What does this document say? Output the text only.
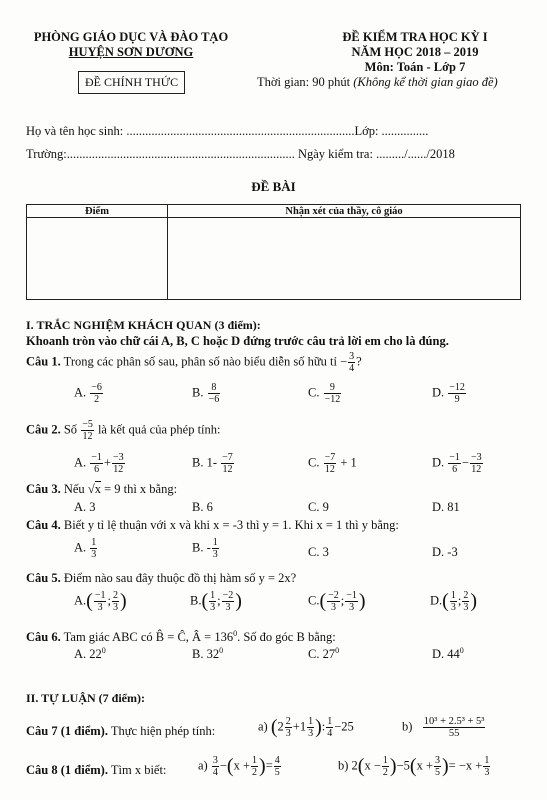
PHÒNG GIÁO DỤC VÀ ĐÀO TẠO
HUYỆN SƠN DƯƠNG
ĐỀ CHÍNH THỨC
ĐỀ KIỂM TRA HỌC KỲ I
NĂM HỌC 2018 – 2019
Môn: Toán - Lớp 7
Thời gian: 90 phút (Không kể thời gian giao đề)
Họ và tên học sinh: .........................................................................Lớp: ...............
Trường:......................................................................... Ngày kiểm tra: ........./....../2018
ĐỀ BÀI
Điểm	Nhận xét của thầy, cô giáo

I. TRẮC NGHIỆM KHÁCH QUAN (3 điểm):
Khoanh tròn vào chữ cái A, B, C hoặc D đứng trước câu trả lời em cho là đúng.
Câu 1. Trong các phân số sau, phân số nào biểu diễn số hữu tỉ − $\frac{3}{4}$ ?
A. $\frac{-6}{2}$	B. $\frac{8}{-6}$	C. $\frac{9}{-12}$	D. $\frac{-12}{9}$
Câu 2. Số $\frac{-5}{12}$ là kết quả của phép tính:
A. $\frac{-1}{6} + \frac{-3}{12}$	B. $1- \frac{-7}{12}$	C. $\frac{-7}{12} + 1$	D. $\frac{-1}{6} - \frac{-3}{12}$
Câu 3. Nếu √x = 9 thì x bằng:
A. 3	B. 6	C. 9	D. 81
Câu 4. Biết y tỉ lệ thuận với x và khi x = -3 thì y = 1. Khi x = 1 thì y bằng:
A. $\frac{1}{3}$	B. - $\frac{1}{3}$	C. 3	D. -3
Câu 5. Điểm nào sau đây thuộc đồ thị hàm số y = 2x?
$A.( \frac{-1}{3}$ ; $\frac{2}{3}$ )	$B.( \frac{1}{3}$ ; $\frac{-2}{3}$ )	$C.( \frac{-2}{3}$ ; $\frac{-1}{3}$ )	$D.( \frac{1}{3}$ ; $\frac{2}{3}$ )
Câu 6. Tam giác ABC có B̂ = Ĉ, Â = $136^0$. Số đo góc B bằng:
A. $22^0$	B. $32^0$	C. $27^0$	D. $44^0$
II. TỰ LUẬN (7 điểm):
Câu 7 (1 điểm). Thực hiện phép tính:	a) ($2 \frac{2}{3} +1 \frac{1}{3}$ ): $\frac{1}{4} -25$	$b) \frac{\text{10³ + 2.5³ + 5³}}{55}$
Câu 8 (1 điểm). Tìm x biết:	$a) \frac{3}{4} -(x + \frac{1}{2}$ )= $\frac{4}{5}$	b) $2(x - \frac{1}{2} )-5(x + \frac{3}{5}$ )= $-x + \frac{1}{3}$
